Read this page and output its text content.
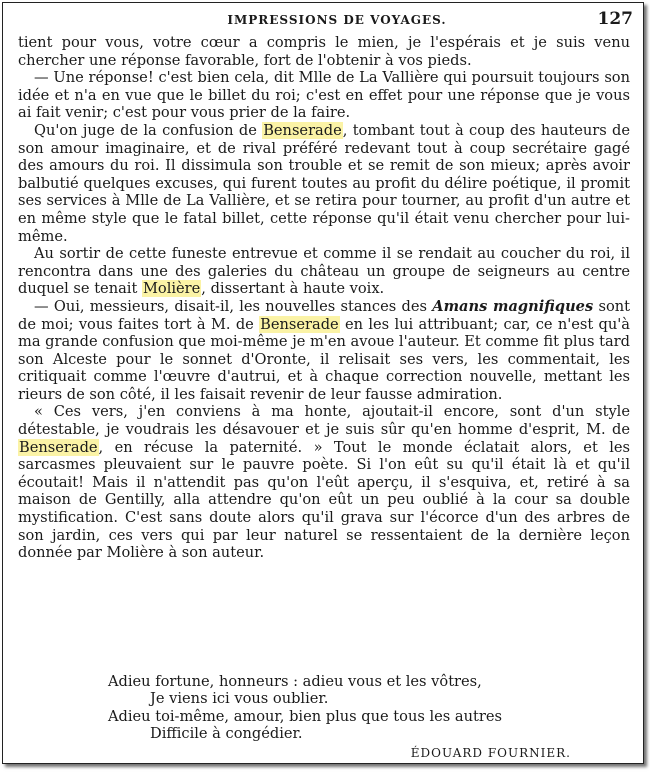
IMPRESSIONS DE VOYAGES.	127

tient pour vous, votre cœur a compris le mien, je l'espérais et je suis venu chercher une réponse favorable, fort de l'obtenir à vos pieds.

— Une réponse! c'est bien cela, dit Mlle de La Vallière qui poursuit toujours son idée et n'a en vue que le billet du roi; c'est en effet pour une réponse que je vous ai fait venir; c'est pour vous prier de la faire.

Qu'on juge de la confusion de Benserade, tombant tout à coup des hauteurs de son amour imaginaire, et de rival préféré redevant tout à coup secrétaire gagé des amours du roi. Il dissimula son trouble et se remit de son mieux; après avoir balbutié quelques excuses, qui furent toutes au profit du délire poétique, il promit ses services à Mlle de La Vallière, et se retira pour tourner, au profit d'un autre et en même style que le fatal billet, cette réponse qu'il était venu chercher pour lui-même.

Au sortir de cette funeste entrevue et comme il se rendait au coucher du roi, il rencontra dans une des galeries du château un groupe de seigneurs au centre duquel se tenait Molière, dissertant à haute voix.

— Oui, messieurs, disait-il, les nouvelles stances des Amans magnifiques sont de moi; vous faites tort à M. de Benserade en les lui attribuant; car, ce n'est qu'à ma grande confusion que moi-même je m'en avoue l'auteur. Et comme fit plus tard son Alceste pour le sonnet d'Oronte, il relisait ses vers, les commentait, les critiquait comme l'œuvre d'autrui, et à chaque correction nouvelle, mettant les rieurs de son côté, il les faisait revenir de leur fausse admiration.

« Ces vers, j'en conviens à ma honte, ajoutait-il encore, sont d'un style détestable, je voudrais les désavouer et je suis sûr qu'en homme d'esprit, M. de Benserade, en récuse la paternité. » Tout le monde éclatait alors, et les sarcasmes pleuvaient sur le pauvre poète. Si l'on eût su qu'il était là et qu'il écoutait! Mais il n'attendit pas qu'on l'eût aperçu, il s'esquiva, et, retiré à sa maison de Gentilly, alla attendre qu'on eût un peu oublié à la cour sa double mystification. C'est sans doute alors qu'il grava sur l'écorce d'un des arbres de son jardin, ces vers qui par leur naturel se ressentaient de la dernière leçon donnée par Molière à son auteur.

Adieu fortune, honneurs : adieu vous et les vôtres,
Je viens ici vous oublier.
Adieu toi-même, amour, bien plus que tous les autres
Difficile à congédier.
ÉDOUARD FOURNIER.
